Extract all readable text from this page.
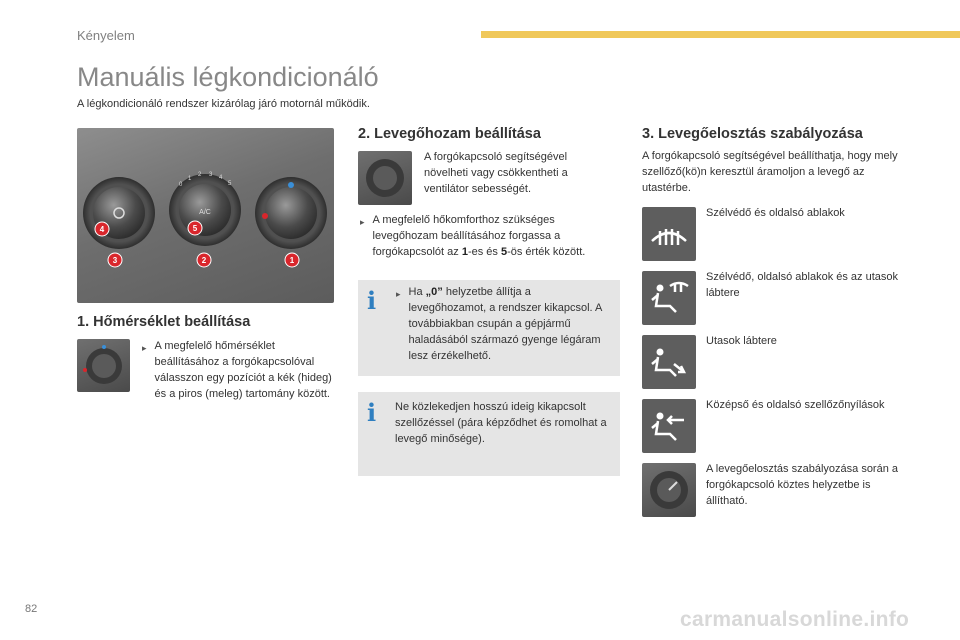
Kényelem
Manuális légkondicionáló
A légkondicionáló rendszer kizárólag járó motornál működik.
A/C
0
1
2 3 4
5
4	5
3	2	1
1. Hőmérséklet beállítása
▸ A megfelelő hőmérséklet beállításához a forgókapcsolóval válasszon egy pozíciót a kék (hideg) és a piros (meleg) tartomány között.
2. Levegőhozam beállítása
A forgókapcsoló segítségével növelheti vagy csökkentheti a ventilátor sebességét.
▸ A megfelelő hőkomforthoz szükséges levegőhozam beállításához forgassa a forgókapcsolót az 1-es és 5-ös érték között.
i ▸ Ha „0” helyzetbe állítja a levegőhozamot, a rendszer kikapcsol. A továbbiakban csupán a gépjármű haladásából származó gyenge légáram lesz érzékelhető.
i Ne közlekedjen hosszú ideig kikapcsolt szellőzéssel (pára képződhet és romolhat a levegő minősége).
3. Levegőelosztás szabályozása
A forgókapcsoló segítségével beállíthatja, hogy mely szellőző(kö)n keresztül áramoljon a levegő az utastérbe.
Szélvédő és oldalsó ablakok
Szélvédő, oldalsó ablakok és az utasok lábtere
Utasok lábtere
Középső és oldalsó szellőzőnyílások
A levegőelosztás szabályozása során a forgókapcsoló köztes helyzetbe is állítható.
82	carmanualsonline.info
